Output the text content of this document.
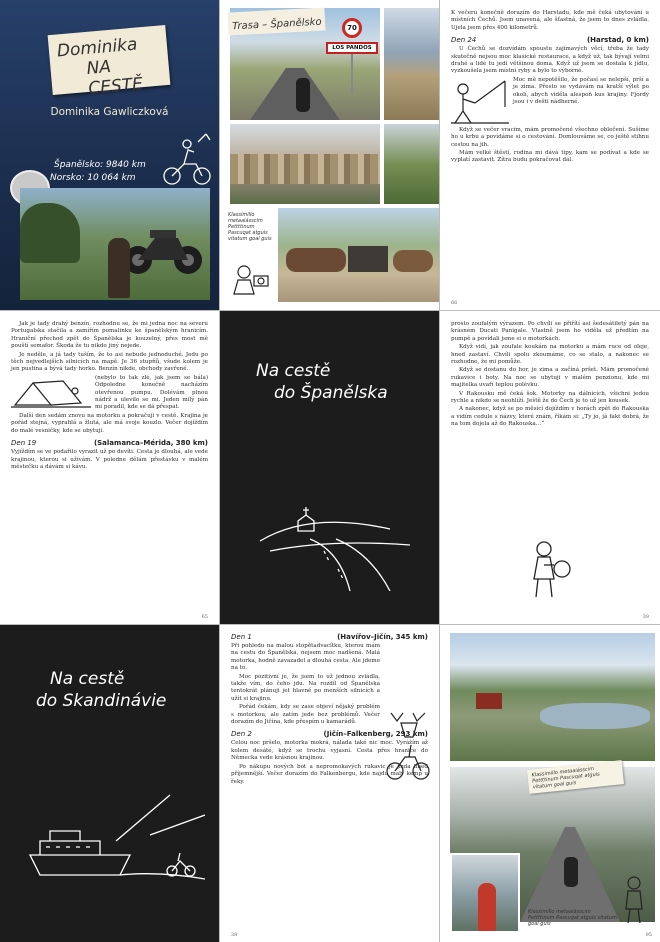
Dominika
NA CESTĚ
Dominika Gawliczková
Španělsko: 9840 km
Norsko: 10 064 km
70
LOS PANDOS
Trasa – Španělsko
Klassimillo metaaiásscim Pettttinum Pascuqat atguis vitatum goal guis
K večeru konečně dorazím do Harstadu, kde mě čeká ubytování u místních Čechů. Jsem unavená, ale šťastná, že jsem to dnes zvládla. Ujela jsem přes 400 kilometrů.
Den 24	(Harstad, 0 km)

U Čechů se dozvídám spoustu zajímavých věcí, třeba že tady skutečně nejsou moc klasické restaurace, a když už, tak bývají velmi drahé a lidé tu jedí většinou doma. Když už jsem se dostala k jídlu, vyzkoušela jsem místní ryby a bylo to výborné.

Moc mě nepotěšilo, že počasí se nelepší, prší a je zima. Přesto se vydávám na kratší výlet po okolí, abych viděla alespoň kus krajiny. Fjordy jsou i v dešti nádherné.

Když se večer vracím, mám promočené všechno oblečení. Sušíme ho u krbu a povídáme si o cestování. Domlouváme se, co ještě stihnu cestou na jih.

Mám velké štěstí, rodina mi dává tipy, kam se podívat a kde se vyplatí zastavit. Zítra budu pokračovat dál.

66

Jak je tady drahý benzín, rozhodnu se, že mi jedna noc na severu Portugalska stačila a zamířím pomalinku ke španělským hranicím. Hraniční přechod zpět do Španělska je kouzelný, přes most mě pouští semafor. Škoda že tu nikdo jiný nejede.

Je neděle, a já tady tuším, že to asi nebude jednoduché. Jedu po těch nejvedlejších silnicích na mapě. Je 36 stupňů, všude kolem je jen pustina a bývá tady horko. Benzín nikde, obchody zavřené.

(nebylo to tak zlé, jak jsem se bála) Odpoledne konečně nacházím otevřenou pumpu. Dolévám plnou nádrž a ulevilo se mi. Jeden milý pán mi poradil, kde se dá přespat.

Další den sedám znovu na motorku a pokračuji v cestě. Krajina je pořád stejná, vyprahlá a žlutá, ale má svoje kouzlo. Večer dojíždím do malé vesničky, kde se ubytuji.

Den 19	(Salamanca–Mérida, 380 km)
Vyjíždím se ve podařilo vyrazit už po devíti. Cesta je dlouhá, ale vede krajinou, kterou si užívám. V poledne dělám přestávku v malém městečku a dávám si kávu.
65
Na cestě
do Španělska

prosto zoufalým výrazem. Po chvíli se přiřítí asi šedesátiletý pán na krásném Ducati Panigale. Vlastně jsem ho viděla už předtím na pumpě a povídali jsme si o motorkách.

Když vidí, jak zoufale koukám na motorku a mám ruce od oleje, hned zastaví. Chvíli spolu zkoumáme, co se stalo, a nakonec se rozhodne, že mi pomůže.

Když se dostanu do hor, je zima a začíná pršet. Mám promočené rukavice i boty. Na noc se ubytuji v malém penzionu, kde mi majitelka uvaří teplou polévku.

V Rakousku mě čeká šok. Motorky na dálnicích, všichni jedou rychle a nikdo se neohlíží. Ještě že do Čech je to už jen kousek.

A nakonec, když se po měsíci dojíždím v horách zpět do Rakouska a vidím cedule s názvy, které znám, říkám si: „Ty jo, já fakt dobrá, že na tom dojela až do Rakouska…“

39
Na cestě
do Skandinávie
Den 1	(Havířov–Jičín, 345 km)

Při pohledu na malou stopětadvacítku, kterou mám na cestu do Španělska, nejsem moc nadšená. Malá motorka, hodně zavazadel a dlouhá cesta. Ale jdeme na to.

Moc pozitivní je, že jsem to už jednou zvládla, takže vím, do čeho jdu. Na rozdíl od Španělska tentokrát plánuji jet hlavně po menších silnicích a užít si krajinu.

Pořád čekám, kdy se zase objeví nějaký problém s motorkou, ale zatím jede bez problémů. Večer dorazím do Jičína, kde přespím u kamarádů.

Den 2	(Jičín–Falkenberg, 293 km)

Celou noc pršelo, motorka mokrá, nálada také nic moc. Vyrážím až kolem desáté, když se trochu vyjasní. Cesta přes hranice do Německa vede krásnou krajinou.

Po nákupu nových bot a nepromokavých rukavic je jízda hned příjemnější. Večer dorazím do Falkenbergu, kde najdu malý kemp u řeky.

38
Klassimillo metaaiásscim Pettttinum Pascuqat atguis vitatum goal guis
Klassimillo metaaiásscim Pettttinum Pascuqat atguis vitatum goal guis
95
